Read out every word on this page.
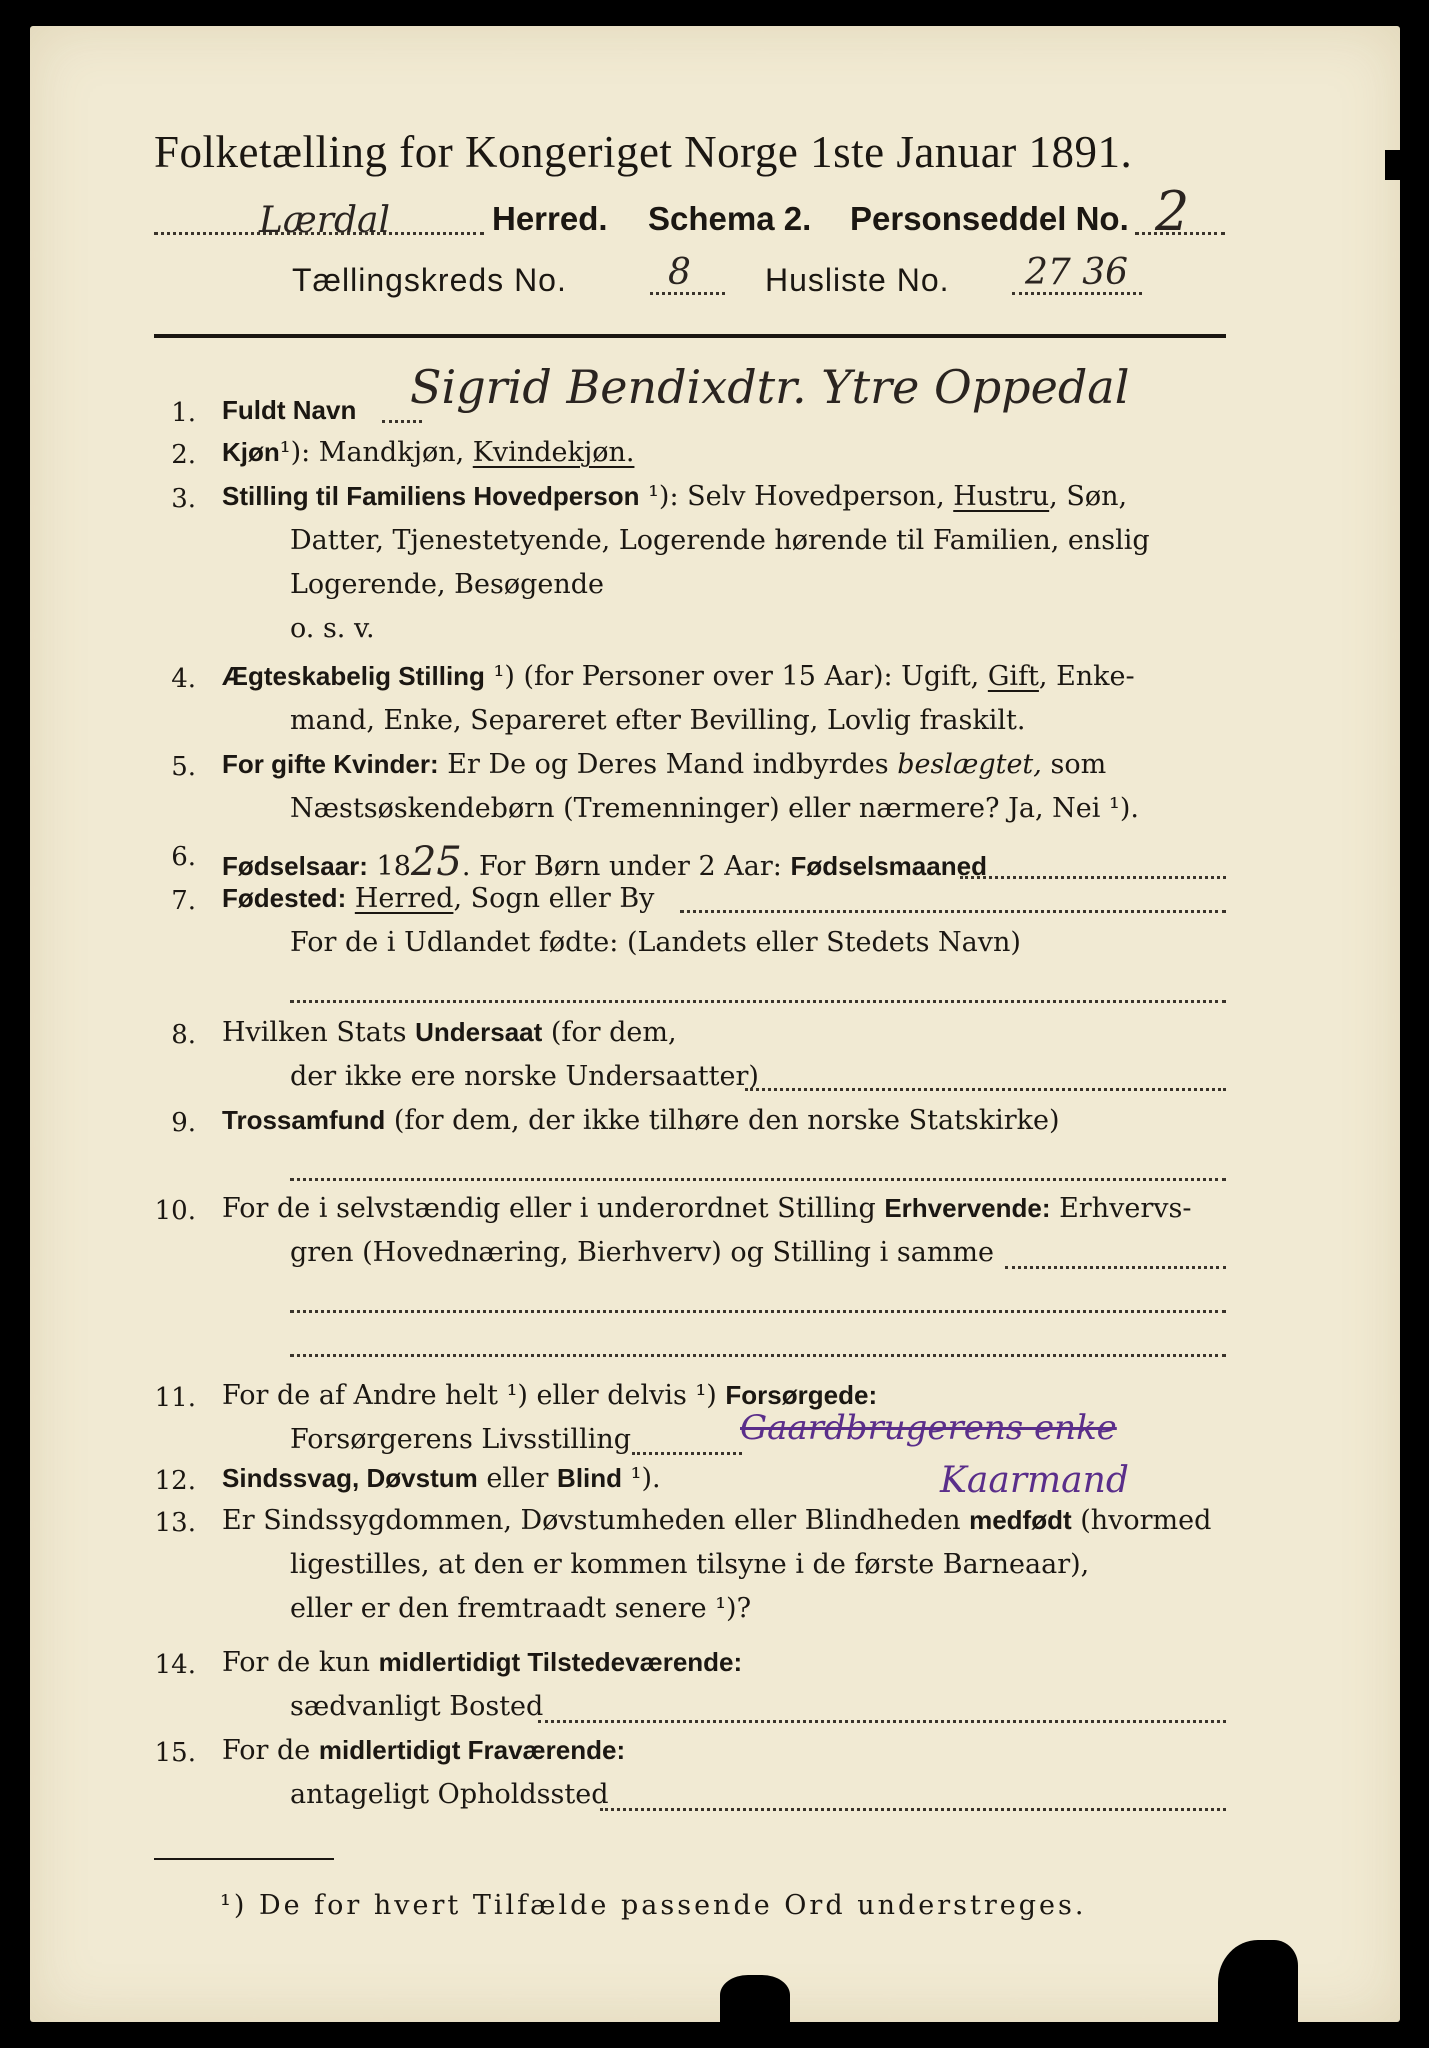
Folketælling for Kongeriget Norge 1ste Januar 1891.
Lærdal	Herred. Schema 2. Personseddel No. 2
Tællingskreds No.	8 Husliste No. 27 36
1. Fuldt Navn	Sigrid Bendixdtr. Ytre Oppedal
2. Kjøn¹): Mandkjøn, Kvindekjøn.
3. Stilling til Familiens Hovedperson ¹): Selv Hovedperson, Hustru, Søn,
Datter, Tjenestetyende, Logerende hørende til Familien, enslig
Logerende, Besøgende
o. s. v.
4. Ægteskabelig Stilling ¹) (for Personer over 15 Aar): Ugift, Gift, Enke-
mand, Enke, Separeret efter Bevilling, Lovlig fraskilt.
5. For gifte Kvinder: Er De og Deres Mand indbyrdes beslægtet, som
Næstsøskendebørn (Tremenninger) eller nærmere? Ja, Nei ¹).
6. Fødselsaar: 1825. For Børn under 2 Aar: Fødselsmaaned
7. Fødested: Herred, Sogn eller By
For de i Udlandet fødte: (Landets eller Stedets Navn)
8. Hvilken Stats Undersaat (for dem,
der ikke ere norske Undersaatter)
9. Trossamfund (for dem, der ikke tilhøre den norske Statskirke)
10. For de i selvstændig eller i underordnet Stilling Erhvervende: Erhvervs-
gren (Hovednæring, Bierhverv) og Stilling i samme
11. For de af Andre helt ¹) eller delvis ¹) Forsørgede:
Forsørgerens Livsstilling	Gaardbrugerens enke
Kaarmand
12. Sindssvag, Døvstum eller Blind ¹).
13. Er Sindssygdommen, Døvstumheden eller Blindheden medfødt (hvormed
ligestilles, at den er kommen tilsyne i de første Barneaar),
eller er den fremtraadt senere ¹)?
14. For de kun midlertidigt Tilstedeværende:
sædvanligt Bosted
15. For de midlertidigt Fraværende:
antageligt Opholdssted
¹) De for hvert Tilfælde passende Ord understreges.
